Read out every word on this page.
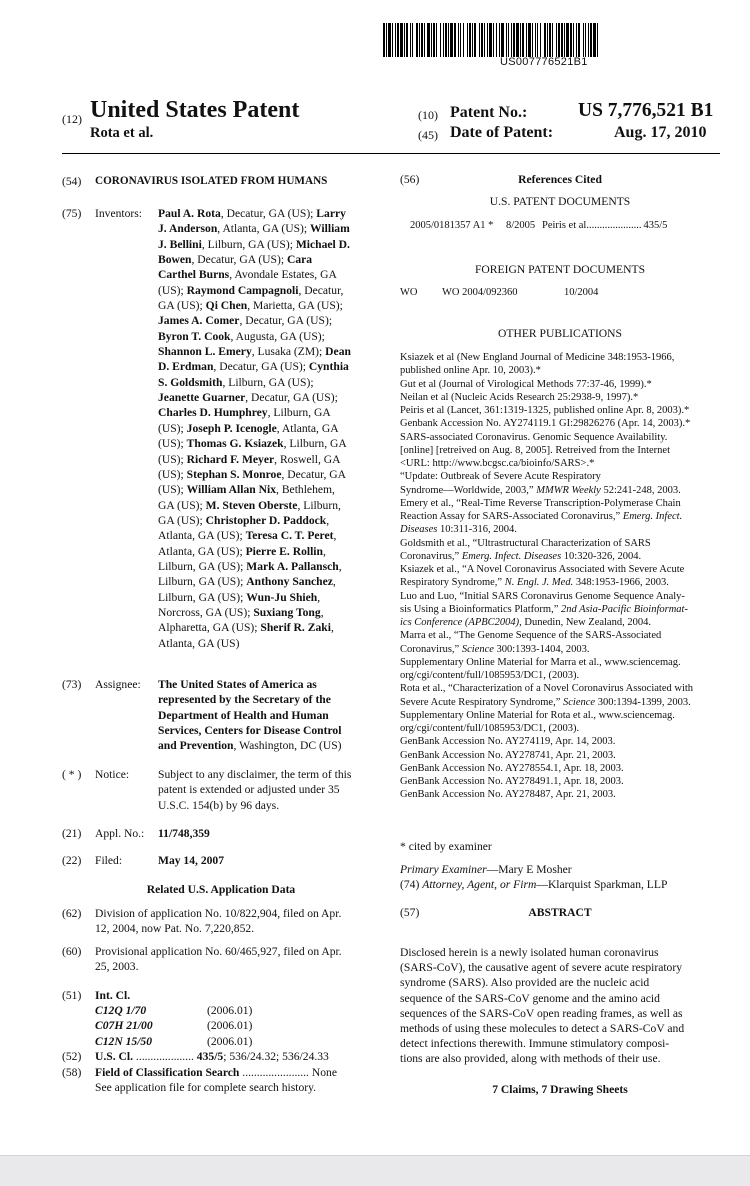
US007776521B1
(12) United States Patent
Rota et al.
(10) Patent No.:	US 7,776,521 B1
(45) Date of Patent:	Aug. 17, 2010
(54) CORONAVIRUS ISOLATED FROM HUMANS
(75) Inventors: Paul A. Rota, Decatur, GA (US); Larry
J. Anderson, Atlanta, GA (US); William
J. Bellini, Lilburn, GA (US); Michael D.
Bowen, Decatur, GA (US); Cara
Carthel Burns, Avondale Estates, GA
(US); Raymond Campagnoli, Decatur,
GA (US); Qi Chen, Marietta, GA (US);
James A. Comer, Decatur, GA (US);
Byron T. Cook, Augusta, GA (US);
Shannon L. Emery, Lusaka (ZM); Dean
D. Erdman, Decatur, GA (US); Cynthia
S. Goldsmith, Lilburn, GA (US);
Jeanette Guarner, Decatur, GA (US);
Charles D. Humphrey, Lilburn, GA
(US); Joseph P. Icenogle, Atlanta, GA
(US); Thomas G. Ksiazek, Lilburn, GA
(US); Richard F. Meyer, Roswell, GA
(US); Stephan S. Monroe, Decatur, GA
(US); William Allan Nix, Bethlehem,
GA (US); M. Steven Oberste, Lilburn,
GA (US); Christopher D. Paddock,
Atlanta, GA (US); Teresa C. T. Peret,
Atlanta, GA (US); Pierre E. Rollin,
Lilburn, GA (US); Mark A. Pallansch,
Lilburn, GA (US); Anthony Sanchez,
Lilburn, GA (US); Wun-Ju Shieh,
Norcross, GA (US); Suxiang Tong,
Alpharetta, GA (US); Sherif R. Zaki,
Atlanta, GA (US)
(73) Assignee: The United States of America as
represented by the Secretary of the
Department of Health and Human
Services, Centers for Disease Control
and Prevention, Washington, DC (US)
( * ) Notice: Subject to any disclaimer, the term of this
patent is extended or adjusted under 35
U.S.C. 154(b) by 96 days.
(21) Appl. No.: 11/748,359
(22) Filed:	May 14, 2007
Related U.S. Application Data
(62) Division of application No. 10/822,904, filed on Apr.
12, 2004, now Pat. No. 7,220,852.
(60) Provisional application No. 60/465,927, filed on Apr.
25, 2003.
(51) Int. Cl.
C12Q 1/70	(2006.01)
C07H 21/00	(2006.01)
C12N 15/50	(2006.01)
(52) U.S. Cl. .................... 435/5; 536/24.32; 536/24.33
(58) Field of Classification Search ....................... None
See application file for complete search history.
(56)	References Cited
U.S. PATENT DOCUMENTS
2005/0181357 A1 *	8/2005 Peiris et al. .................... 435/5
FOREIGN PATENT DOCUMENTS
WO	WO 2004/092360	10/2004
OTHER PUBLICATIONS
Ksiazek et al (New England Journal of Medicine 348:1953-1966,
published online Apr. 10, 2003).*
Gut et al (Journal of Virological Methods 77:37-46, 1999).*
Neilan et al (Nucleic Acids Research 25:2938-9, 1997).*
Peiris et al (Lancet, 361:1319-1325, published online Apr. 8, 2003).*
Genbank Accession No. AY274119.1 GI:29826276 (Apr. 14, 2003).*
SARS-associated Coronavirus. Genomic Sequence Availability.
[online] [retreived on Aug. 8, 2005]. Retreived from the Internet
<URL: http://www.bcgsc.ca/bioinfo/SARS>.*
“Update: Outbreak of Severe Acute Respiratory
Syndrome—Worldwide, 2003,” MMWR Weekly 52:241-248, 2003.
Emery et al., “Real-Time Reverse Transcription-Polymerase Chain
Reaction Assay for SARS-Associated Coronavirus,” Emerg. Infect.
Diseases 10:311-316, 2004.
Goldsmith et al., “Ultrastructural Characterization of SARS
Coronavirus,” Emerg. Infect. Diseases 10:320-326, 2004.
Ksiazek et al., “A Novel Coronavirus Associated with Severe Acute
Respiratory Syndrome,” N. Engl. J. Med. 348:1953-1966, 2003.
Luo and Luo, “Initial SARS Coronavirus Genome Sequence Analy-
sis Using a Bioinformatics Platform,” 2nd Asia-Pacific Bioinformat-
ics Conference (APBC2004), Dunedin, New Zealand, 2004.
Marra et al., “The Genome Sequence of the SARS-Associated
Coronavirus,” Science 300:1393-1404, 2003.
Supplementary Online Material for Marra et al., www.sciencemag.
org/cgi/content/full/1085953/DC1, (2003).
Rota et al., “Characterization of a Novel Coronavirus Associated with
Severe Acute Respiratory Syndrome,” Science 300:1394-1399, 2003.
Supplementary Online Material for Rota et al., www.sciencemag.
org/cgi/content/full/1085953/DC1, (2003).
GenBank Accession No. AY274119, Apr. 14, 2003.
GenBank Accession No. AY278741, Apr. 21, 2003.
GenBank Accession No. AY278554.1, Apr. 18, 2003.
GenBank Accession No. AY278491.1, Apr. 18, 2003.
GenBank Accession No. AY278487, Apr. 21, 2003.
* cited by examiner
Primary Examiner—Mary E Mosher
(74) Attorney, Agent, or Firm—Klarquist Sparkman, LLP
(57)	ABSTRACT
Disclosed herein is a newly isolated human coronavirus
(SARS-CoV), the causative agent of severe acute respiratory
syndrome (SARS). Also provided are the nucleic acid
sequence of the SARS-CoV genome and the amino acid
sequences of the SARS-CoV open reading frames, as well as
methods of using these molecules to detect a SARS-CoV and
detect infections therewith. Immune stimulatory composi-
tions are also provided, along with methods of their use.
7 Claims, 7 Drawing Sheets
